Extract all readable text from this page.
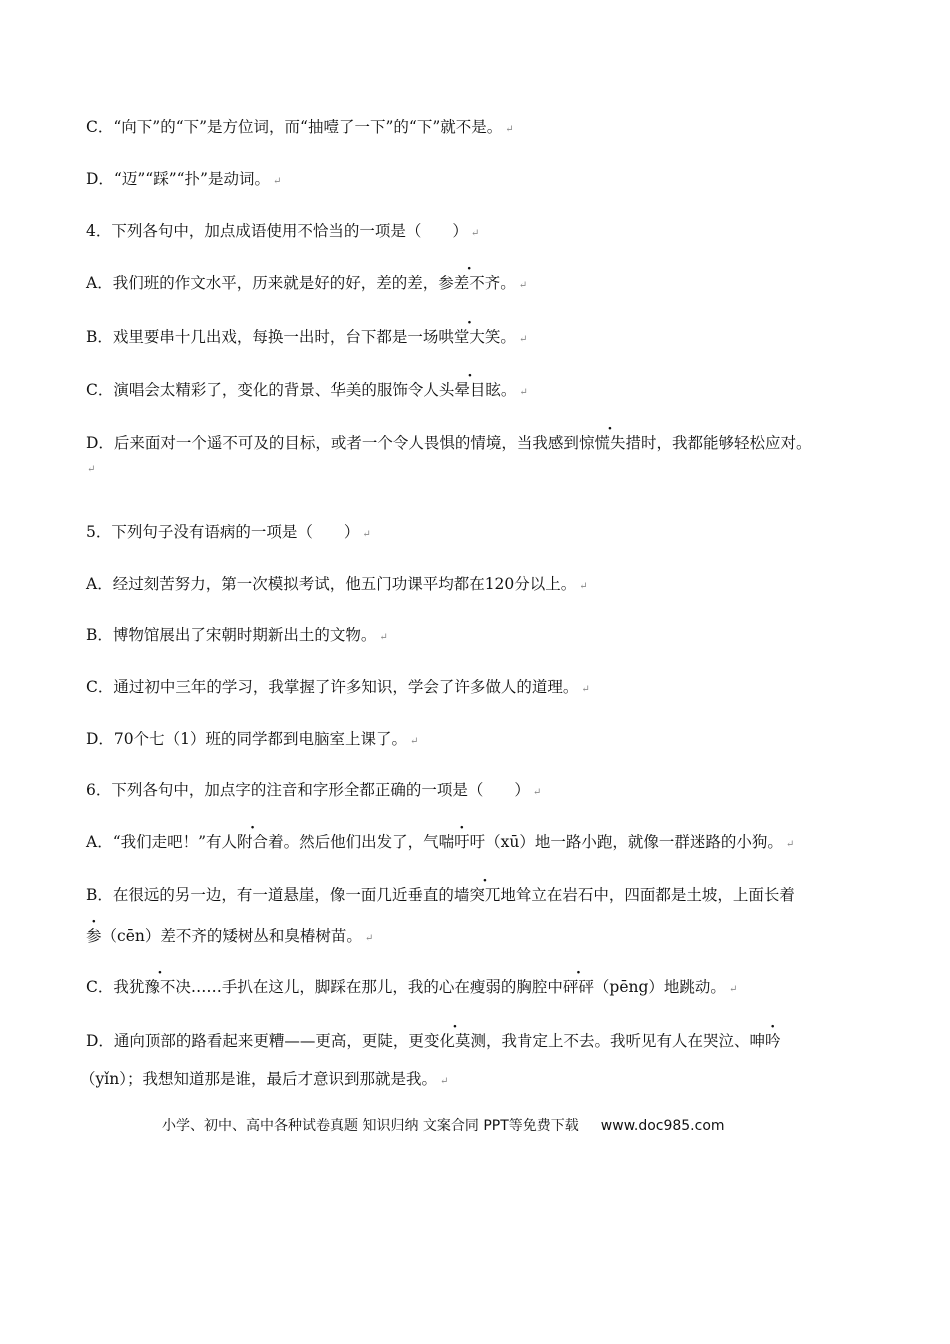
C．“向下”的“下”是方位词，而“抽噎了一下”的“下”就不是。 ↵
D．“迈”“踩”“扑”是动词。 ↵
4．下列各句中，加点成语使用不恰当的一项是（　　） ↵
A．我们班的作文水平，历来就是好的好，差的差，参差不齐。 ↵
B．戏里要串十几出戏，每换一出时，台下都是一场哄堂大笑。 ↵
C．演唱会太精彩了，变化的背景、华美的服饰令人头晕目眩。 ↵
D．后来面对一个遥不可及的目标，或者一个令人畏惧的情境，当我感到惊慌失措时，我都能够轻松应对。
↵
5．下列句子没有语病的一项是（　　） ↵
A．经过刻苦努力，第一次模拟考试，他五门功课平均都在120分以上。 ↵
B．博物馆展出了宋朝时期新出土的文物。 ↵
C．通过初中三年的学习，我掌握了许多知识，学会了许多做人的道理。 ↵
D．70个七（1）班的同学都到电脑室上课了。 ↵
6．下列各句中，加点字的注音和字形全都正确的一项是（　　） ↵
A．“我们走吧！”有人附合着。然后他们出发了，气喘吁吁（xū）地一路小跑，就像一群迷路的小狗。 ↵
B．在很远的另一边，有一道悬崖，像一面几近垂直的墙突兀地耸立在岩石中，四面都是土坡，上面长着
参（cēn）差不齐的矮树丛和臭椿树苗。 ↵
C．我犹豫不决……手扒在这儿，脚踩在那儿，我的心在瘦弱的胸腔中砰砰（pēng）地跳动。 ↵
D．通向顶部的路看起来更糟——更高，更陡，更变化莫测，我肯定上不去。我听见有人在哭泣、呻吟
（yǐn）；我想知道那是谁，最后才意识到那就是我。 ↵
小学、初中、高中各种试卷真题 知识归纳 文案合同 PPT等免费下载 www.doc985.com
